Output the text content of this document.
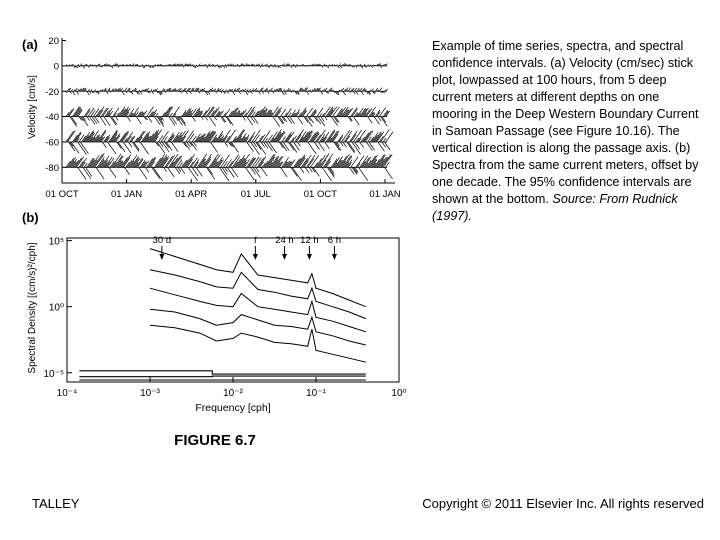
(a)
Velocity [cm/s]
20
0
-20
-40
-60
-80
01 OCT	01 JAN	01 APR	01 JUL	01 OCT	01 JAN
(b)
Spectral Density [(cm/s)²/cph]
Frequency [cph]
10⁻⁴	10⁻³	10⁻²	10⁻¹	10⁰
10⁵
10⁰
10⁻⁵
30 d	f 24 h 12 h 6 h
Example of time series, spectra, and spectral confidence intervals. (a) Velocity (cm/sec) stick plot, lowpassed at 100 hours, from 5 deep current meters at different depths on one mooring in the Deep Western Boundary Current in Samoan Passage (see Figure 10.16). The vertical direction is along the passage axis. (b) Spectra from the same current meters, offset by one decade. The 95% confidence intervals are shown at the bottom. Source: From Rudnick (1997).
FIGURE 6.7
TALLEY	Copyright © 2011 Elsevier Inc. All rights reserved
